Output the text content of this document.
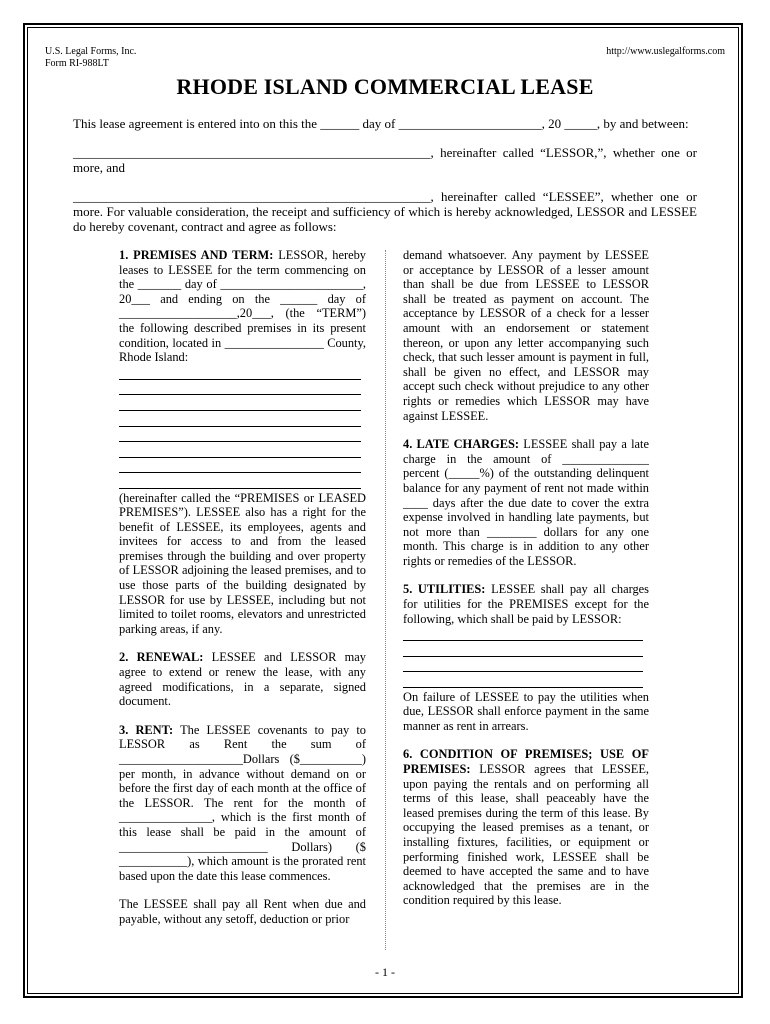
U.S. Legal Forms, Inc.
Form RI-988LT
http://www.uslegalforms.com
RHODE ISLAND COMMERCIAL LEASE

This lease agreement is entered into on this the ______ day of ______________________, 20 _____, by and between:

_______________________________________________________, hereinafter called “LESSOR,”, whether one or more, and

_______________________________________________________, hereinafter called “LESSEE”, whether one or more. For valuable consideration, the receipt and sufficiency of which is hereby acknowledged, LESSOR and LESSEE do hereby covenant, contract and agree as follows:

1. PREMISES AND TERM: LESSOR, hereby leases to LESSEE for the term commencing on the _______ day of _______________________, 20___ and ending on the ______ day of ___________________,20___, (the “TERM”) the following described premises in its present condition, located in ________________ County, Rhode Island:

(hereinafter called the “PREMISES or LEASED PREMISES”). LESSEE also has a right for the benefit of LESSEE, its employees, agents and invitees for access to and from the leased premises through the building and over property of LESSOR adjoining the leased premises, and to use those parts of the building designated by LESSOR for use by LESSEE, including but not limited to toilet rooms, elevators and unrestricted parking areas, if any.

2. RENEWAL: LESSEE and LESSOR may agree to extend or renew the lease, with any agreed modifications, in a separate, signed document.

3. RENT: The LESSEE covenants to pay to LESSOR as Rent the sum of ____________________Dollars ($__________) per month, in advance without demand on or before the first day of each month at the office of the LESSOR. The rent for the month of _______________, which is the first month of this lease shall be paid in the amount of ________________________ Dollars) ($ ___________), which amount is the prorated rent based upon the date this lease commences.

The LESSEE shall pay all Rent when due and payable, without any setoff, deduction or prior

demand whatsoever. Any payment by LESSEE or acceptance by LESSOR of a lesser amount than shall be due from LESSEE to LESSOR shall be treated as payment on account. The acceptance by LESSOR of a check for a lesser amount with an endorsement or statement thereon, or upon any letter accompanying such check, that such lesser amount is payment in full, shall be given no effect, and LESSOR may accept such check without prejudice to any other rights or remedies which LESSOR may have against LESSEE.

4. LATE CHARGES: LESSEE shall pay a late charge in the amount of ______________ percent (_____%) of the outstanding delinquent balance for any payment of rent not made within ____ days after the due date to cover the extra expense involved in handling late payments, but not more than ________ dollars for any one month. This charge is in addition to any other rights or remedies of the LESSOR.

5. UTILITIES: LESSEE shall pay all charges for utilities for the PREMISES except for the following, which shall be paid by LESSOR:

On failure of LESSEE to pay the utilities when due, LESSOR shall enforce payment in the same manner as rent in arrears.

6. CONDITION OF PREMISES; USE OF PREMISES: LESSOR agrees that LESSEE, upon paying the rentals and on performing all terms of this lease, shall peaceably have the leased premises during the term of this lease. By occupying the leased premises as a tenant, or installing fixtures, facilities, or equipment or performing finished work, LESSEE shall be deemed to have accepted the same and to have acknowledged that the premises are in the condition required by this lease.

- 1 -
